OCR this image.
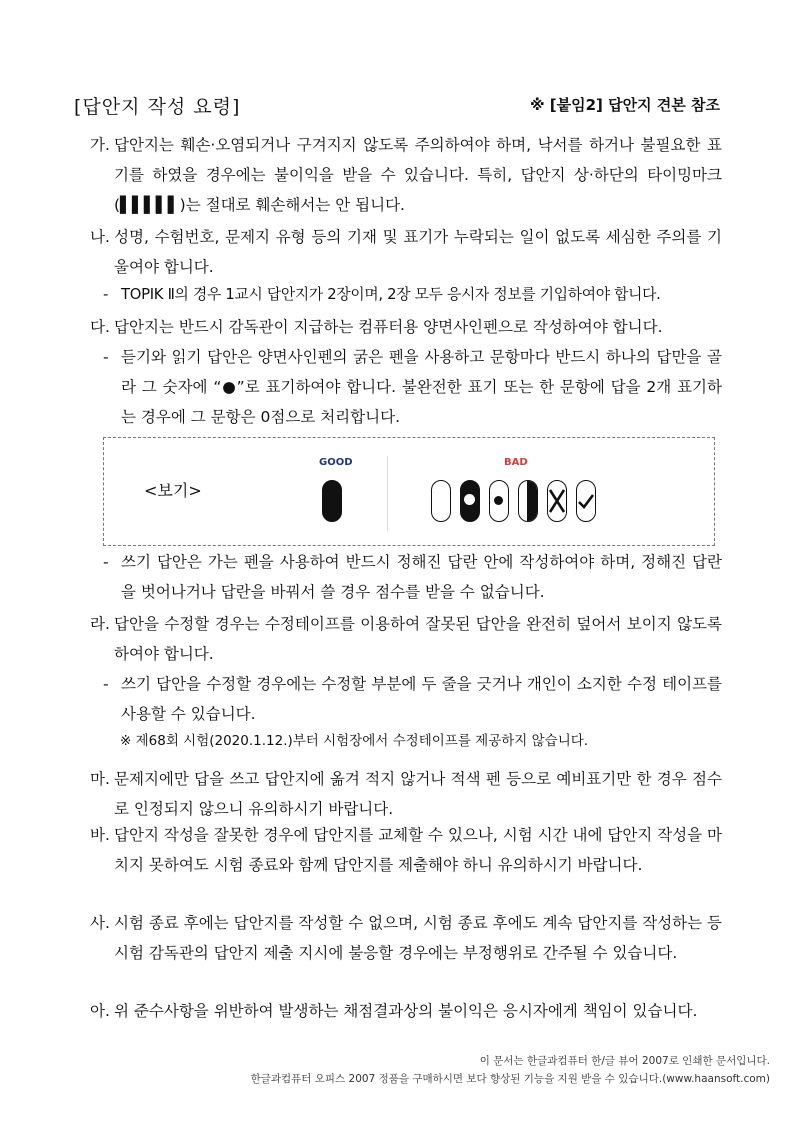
[답안지 작성 요령]	※ [붙임2] 답안지 견본 참조
가. 답안지는 훼손·오염되거나 구겨지지 않도록 주의하여야 하며, 낙서를 하거나 불필요한 표기를 하였을 경우에는 불이익을 받을 수 있습니다. 특히, 답안지 상·하단의 타이밍마크(▌▌▌▌▌)는 절대로 훼손해서는 안 됩니다.
나. 성명, 수험번호, 문제지 유형 등의 기재 및 표기가 누락되는 일이 없도록 세심한 주의를 기울여야 합니다.
- TOPIK Ⅱ의 경우 1교시 답안지가 2장이며, 2장 모두 응시자 정보를 기입하여야 합니다.
다. 답안지는 반드시 감독관이 지급하는 컴퓨터용 양면사인펜으로 작성하여야 합니다.
- 듣기와 읽기 답안은 양면사인펜의 굵은 펜을 사용하고 문항마다 반드시 하나의 답만을 골라 그 숫자에 “●”로 표기하여야 합니다. 불완전한 표기 또는 한 문항에 답을 2개 표기하는 경우에 그 문항은 0점으로 처리합니다.
<보기>
GOOD	BAD
- 쓰기 답안은 가는 펜을 사용하여 반드시 정해진 답란 안에 작성하여야 하며, 정해진 답란을 벗어나거나 답란을 바꿔서 쓸 경우 점수를 받을 수 없습니다.
라. 답안을 수정할 경우는 수정테이프를 이용하여 잘못된 답안을 완전히 덮어서 보이지 않도록 하여야 합니다.
- 쓰기 답안을 수정할 경우에는 수정할 부분에 두 줄을 긋거나 개인이 소지한 수정 테이프를 사용할 수 있습니다.
※ 제68회 시험(2020.1.12.)부터 시험장에서 수정테이프를 제공하지 않습니다.
마. 문제지에만 답을 쓰고 답안지에 옮겨 적지 않거나 적색 펜 등으로 예비표기만 한 경우 점수로 인정되지 않으니 유의하시기 바랍니다.
바. 답안지 작성을 잘못한 경우에 답안지를 교체할 수 있으나, 시험 시간 내에 답안지 작성을 마치지 못하여도 시험 종료와 함께 답안지를 제출해야 하니 유의하시기 바랍니다.
사. 시험 종료 후에는 답안지를 작성할 수 없으며, 시험 종료 후에도 계속 답안지를 작성하는 등 시험 감독관의 답안지 제출 지시에 불응할 경우에는 부정행위로 간주될 수 있습니다.
아. 위 준수사항을 위반하여 발생하는 채점결과상의 불이익은 응시자에게 책임이 있습니다.
이 문서는 한글과컴퓨터 한/글 뷰어 2007로 인쇄한 문서입니다.
한글과컴퓨터 오피스 2007 정품을 구매하시면 보다 향상된 기능을 지원 받을 수 있습니다.(www.haansoft.com)
